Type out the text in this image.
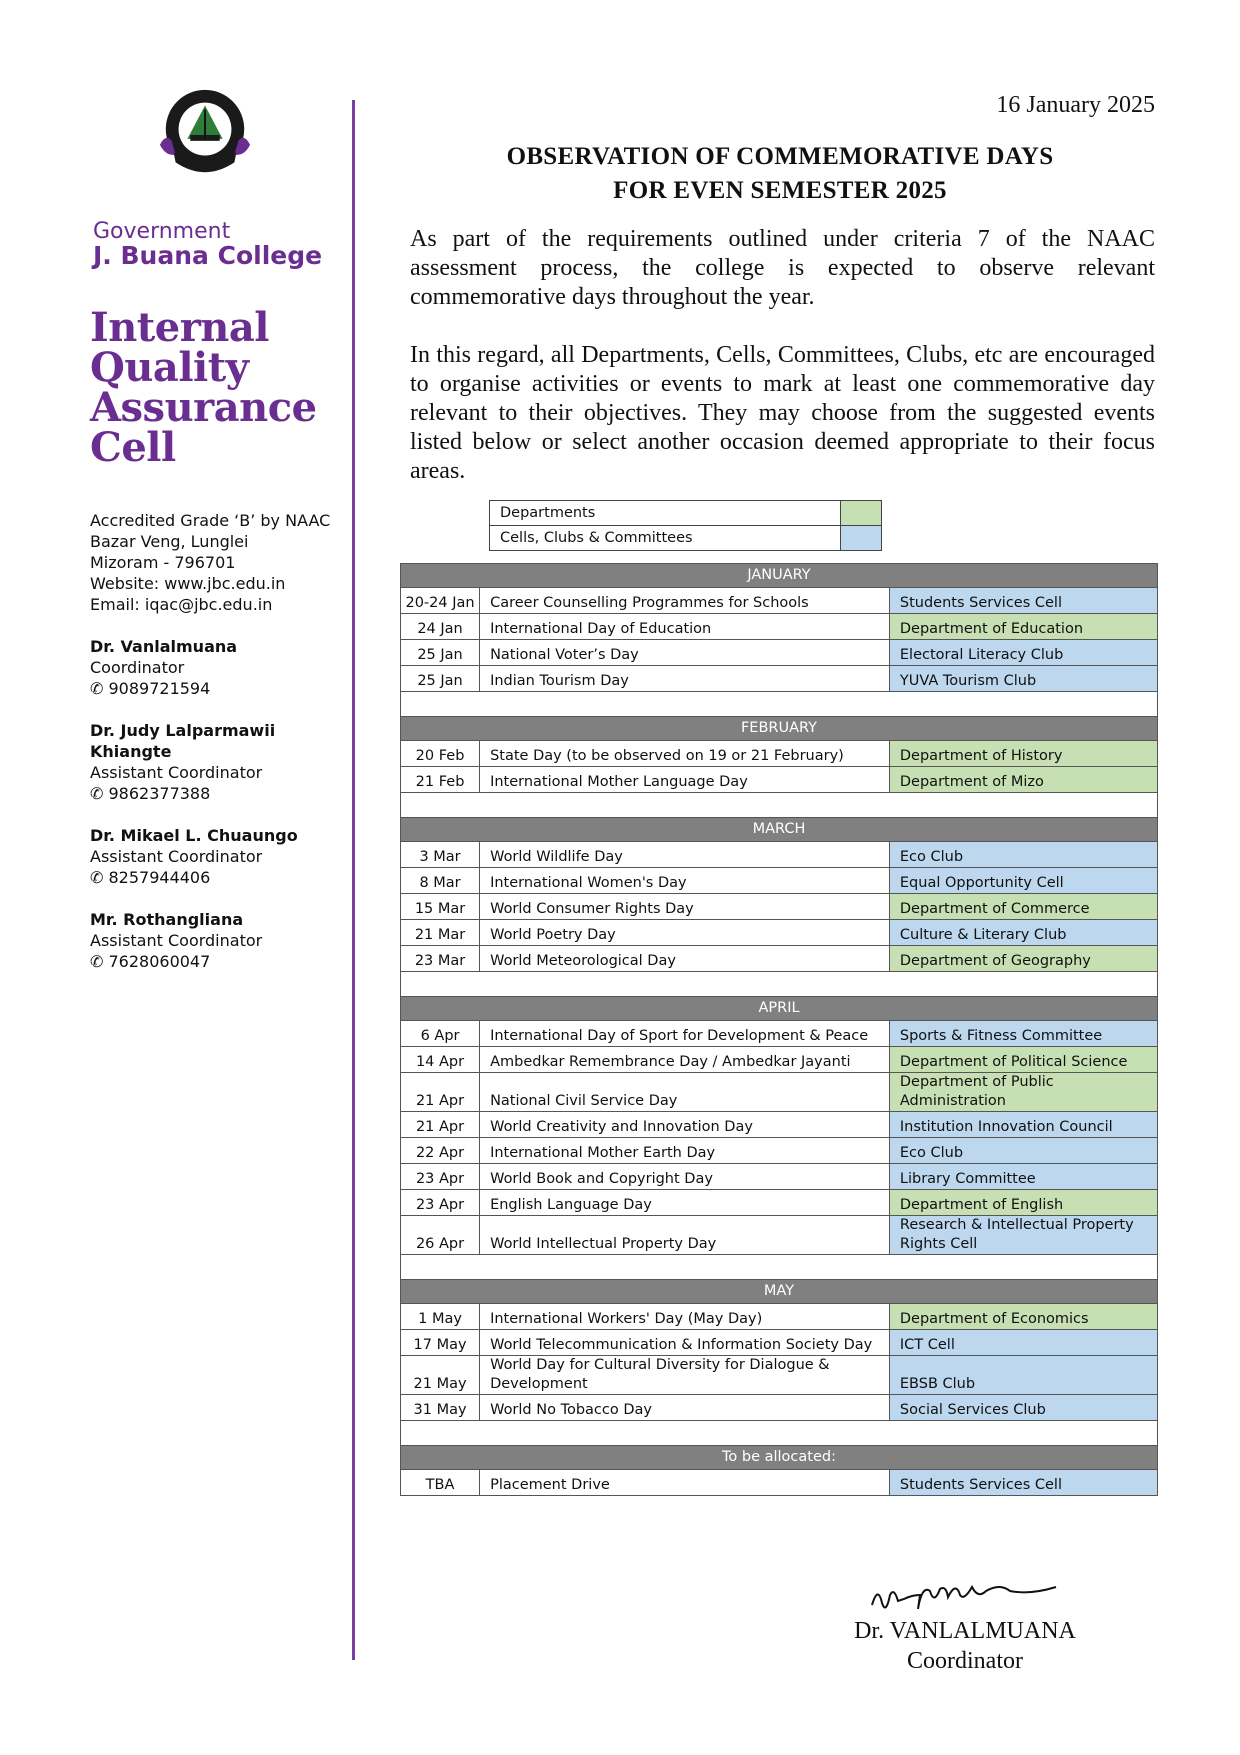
Government
J. Buana College
Internal
Quality
Assurance
Cell
Accredited Grade ‘B’ by NAAC
Bazar Veng, Lunglei
Mizoram - 796701
Website: www.jbc.edu.in
Email: iqac@jbc.edu.in
Dr. Vanlalmuana
Coordinator
✆ 9089721594
Dr. Judy Lalparmawii Khiangte
Assistant Coordinator
✆ 9862377388
Dr. Mikael L. Chuaungo
Assistant Coordinator
✆ 8257944406
Mr. Rothangliana
Assistant Coordinator
✆ 7628060047
16 January 2025
OBSERVATION OF COMMEMORATIVE DAYS
FOR EVEN SEMESTER 2025
As part of the requirements outlined under criteria 7 of the NAAC assessment process, the college is expected to observe relevant commemorative days throughout the year.
In this regard, all Departments, Cells, Committees, Clubs, etc are encouraged to organise activities or events to mark at least one commemorative day relevant to their objectives. They may choose from the suggested events listed below or select another occasion deemed appropriate to their focus areas.
Departments	
Cells, Clubs & Committees	
JANUARY		
20-24 Jan	Career Counselling Programmes for Schools	Students Services Cell
24 Jan	International Day of Education	Department of Education
25 Jan	National Voter’s Day	Electoral Literacy Club
25 Jan	Indian Tourism Day	YUVA Tourism Club

FEBRUARY		
20 Feb	State Day (to be observed on 19 or 21 February)	Department of History
21 Feb	International Mother Language Day	Department of Mizo

MARCH		
3 Mar	World Wildlife Day	Eco Club
8 Mar	International Women's Day	Equal Opportunity Cell
15 Mar	World Consumer Rights Day	Department of Commerce
21 Mar	World Poetry Day	Culture & Literary Club
23 Mar	World Meteorological Day	Department of Geography

APRIL		
6 Apr	International Day of Sport for Development & Peace	Sports & Fitness Committee
14 Apr	Ambedkar Remembrance Day / Ambedkar Jayanti	Department of Political Science
21 Apr	National Civil Service Day	Department of Public Administration
21 Apr	World Creativity and Innovation Day	Institution Innovation Council
22 Apr	International Mother Earth Day	Eco Club
23 Apr	World Book and Copyright Day	Library Committee
23 Apr	English Language Day	Department of English
26 Apr	World Intellectual Property Day	Research & Intellectual Property Rights Cell

MAY		
1 May	International Workers' Day (May Day)	Department of Economics
17 May	World Telecommunication & Information Society Day	ICT Cell
21 May	World Day for Cultural Diversity for Dialogue & Development	EBSB Club
31 May	World No Tobacco Day	Social Services Club

To be allocated:		
TBA	Placement Drive	Students Services Cell
Dr. VANLALMUANA
Coordinator
